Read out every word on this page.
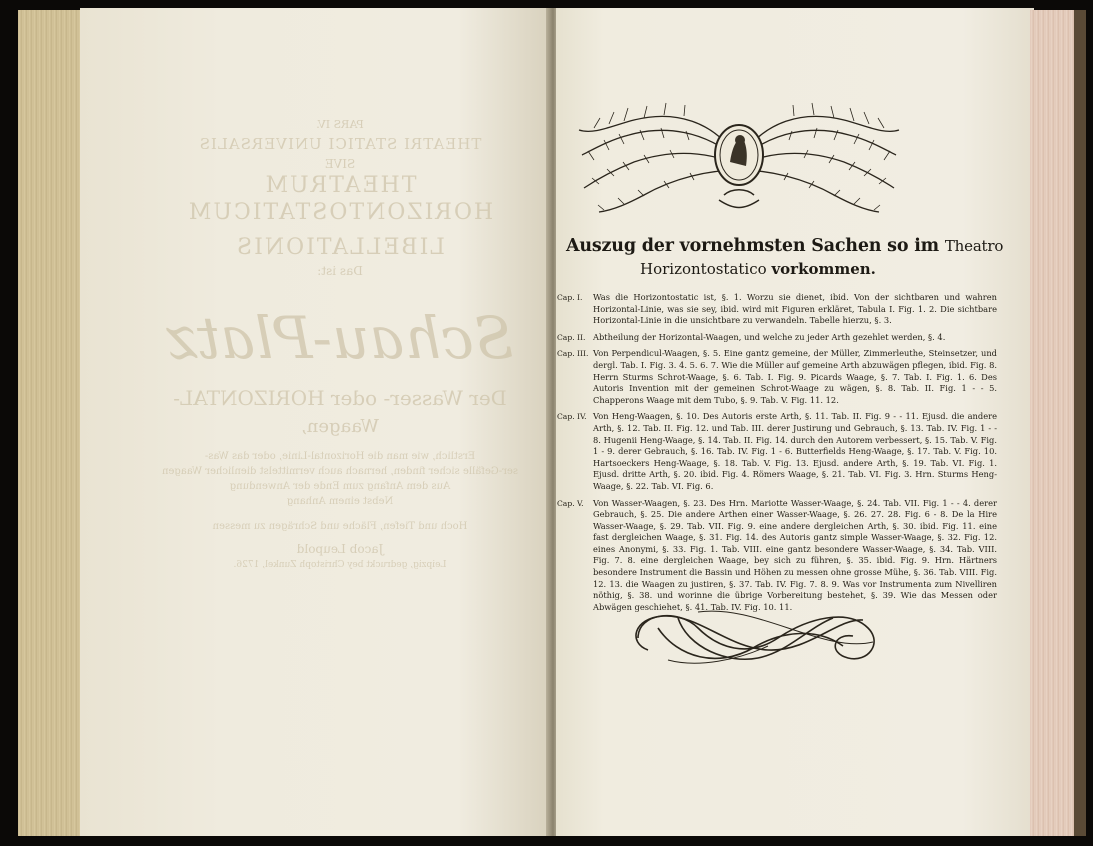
PARS IV.
THEATRI STATICI UNIVERSALIS
SIVE
THEATRUM
HORIZONTOSTATICUM
LIBELLATIONIS
Das ist:
Schau-Platz
Der Wasser- oder HORIZONTAL-
Waagen,
Erstlich, wie man die Horizontal-Linie, oder das Was-
ser-Gefälle sicher finden, hernach auch vermittelst dienlicher Waagen
Aus dem Anfang zum Ende der Anwendung
Nebst einem Anhang
Hoch und Tiefen, Fläche und Schrägen zu messen
Jacob Leupold
Leipzig, gedruckt bey Christoph Zunkel, 1726.
Auszug der vornehmsten Sachen so im Theatro
Horizontostatico vorkommen.
Cap. I.	Was die Horizontostatic ist, §. 1. Worzu sie dienet, ibid. Von der sichtbaren und wahren Horizontal-Linie, was sie sey, ibid. wird mit Figuren erkläret, Tabula I. Fig. 1. 2. Die sichtbare Horizontal-Linie in die unsichtbare zu verwandeln. Tabelle hierzu, §. 3.
Cap. II. Abtheilung der Horizontal-Waagen, und welche zu jeder Arth gezehlet werden, §. 4.
Cap. III. Von Perpendicul-Waagen, §. 5. Eine gantz gemeine, der Müller, Zimmerleuthe, Steinsetzer, und dergl. Tab. I. Fig. 3. 4. 5. 6. 7. Wie die Müller auf gemeine Arth abzuwägen pflegen, ibid. Fig. 8. Herrn Sturms Schrot-Waage, §. 6. Tab. I. Fig. 9. Picards Waage, §. 7. Tab. I. Fig. 1. 6. Des Autoris Invention mit der gemeinen Schrot-Waage zu wägen, §. 8. Tab. II. Fig. 1 - - 5. Chapperons Waage mit dem Tubo, §. 9. Tab. V. Fig. 11. 12.
Cap. IV. Von Heng-Waagen, §. 10. Des Autoris erste Arth, §. 11. Tab. II. Fig. 9 - - 11. Ejusd. die andere Arth, §. 12. Tab. II. Fig. 12. und Tab. III. derer Justirung und Gebrauch, §. 13. Tab. IV. Fig. 1 - - 8. Hugenii Heng-Waage, §. 14. Tab. II. Fig. 14. durch den Autorem verbessert, §. 15. Tab. V. Fig. 1 - 9. derer Gebrauch, §. 16. Tab. IV. Fig. 1 - 6. Butterfields Heng-Waage, §. 17. Tab. V. Fig. 10. Hartsoeckers Heng-Waage, §. 18. Tab. V. Fig. 13. Ejusd. andere Arth, §. 19. Tab. VI. Fig. 1. Ejusd. dritte Arth, §. 20. ibid. Fig. 4. Römers Waage, §. 21. Tab. VI. Fig. 3. Hrn. Sturms Heng-Waage, §. 22. Tab. VI. Fig. 6.
Cap. V.	Von Wasser-Waagen, §. 23. Des Hrn. Mariotte Wasser-Waage, §. 24. Tab. VII. Fig. 1 - - 4. derer Gebrauch, §. 25. Die andere Arthen einer Wasser-Waage, §. 26. 27. 28. Fig. 6 - 8. De la Hire Wasser-Waage, §. 29. Tab. VII. Fig. 9. eine andere dergleichen Arth, §. 30. ibid. Fig. 11. eine fast dergleichen Waage, §. 31. Fig. 14. des Autoris gantz simple Wasser-Waage, §. 32. Fig. 12. eines Anonymi, §. 33. Fig. 1. Tab. VIII. eine gantz besondere Wasser-Waage, §. 34. Tab. VIII. Fig. 7. 8. eine dergleichen Waage, bey sich zu führen, §. 35. ibid. Fig. 9. Hrn. Härtners besondere Instrument die Bassin und Höhen zu messen ohne grosse Mühe, §. 36. Tab. VIII. Fig. 12. 13. die Waagen zu justiren, §. 37. Tab. IV. Fig. 7. 8. 9. Was vor Instrumenta zum Nivelliren nöthig, §. 38. und worinne die übrige Vorbereitung bestehet, §. 39. Wie das Messen oder Abwägen geschiehet, §. 41. Tab. IV. Fig. 10. 11.
